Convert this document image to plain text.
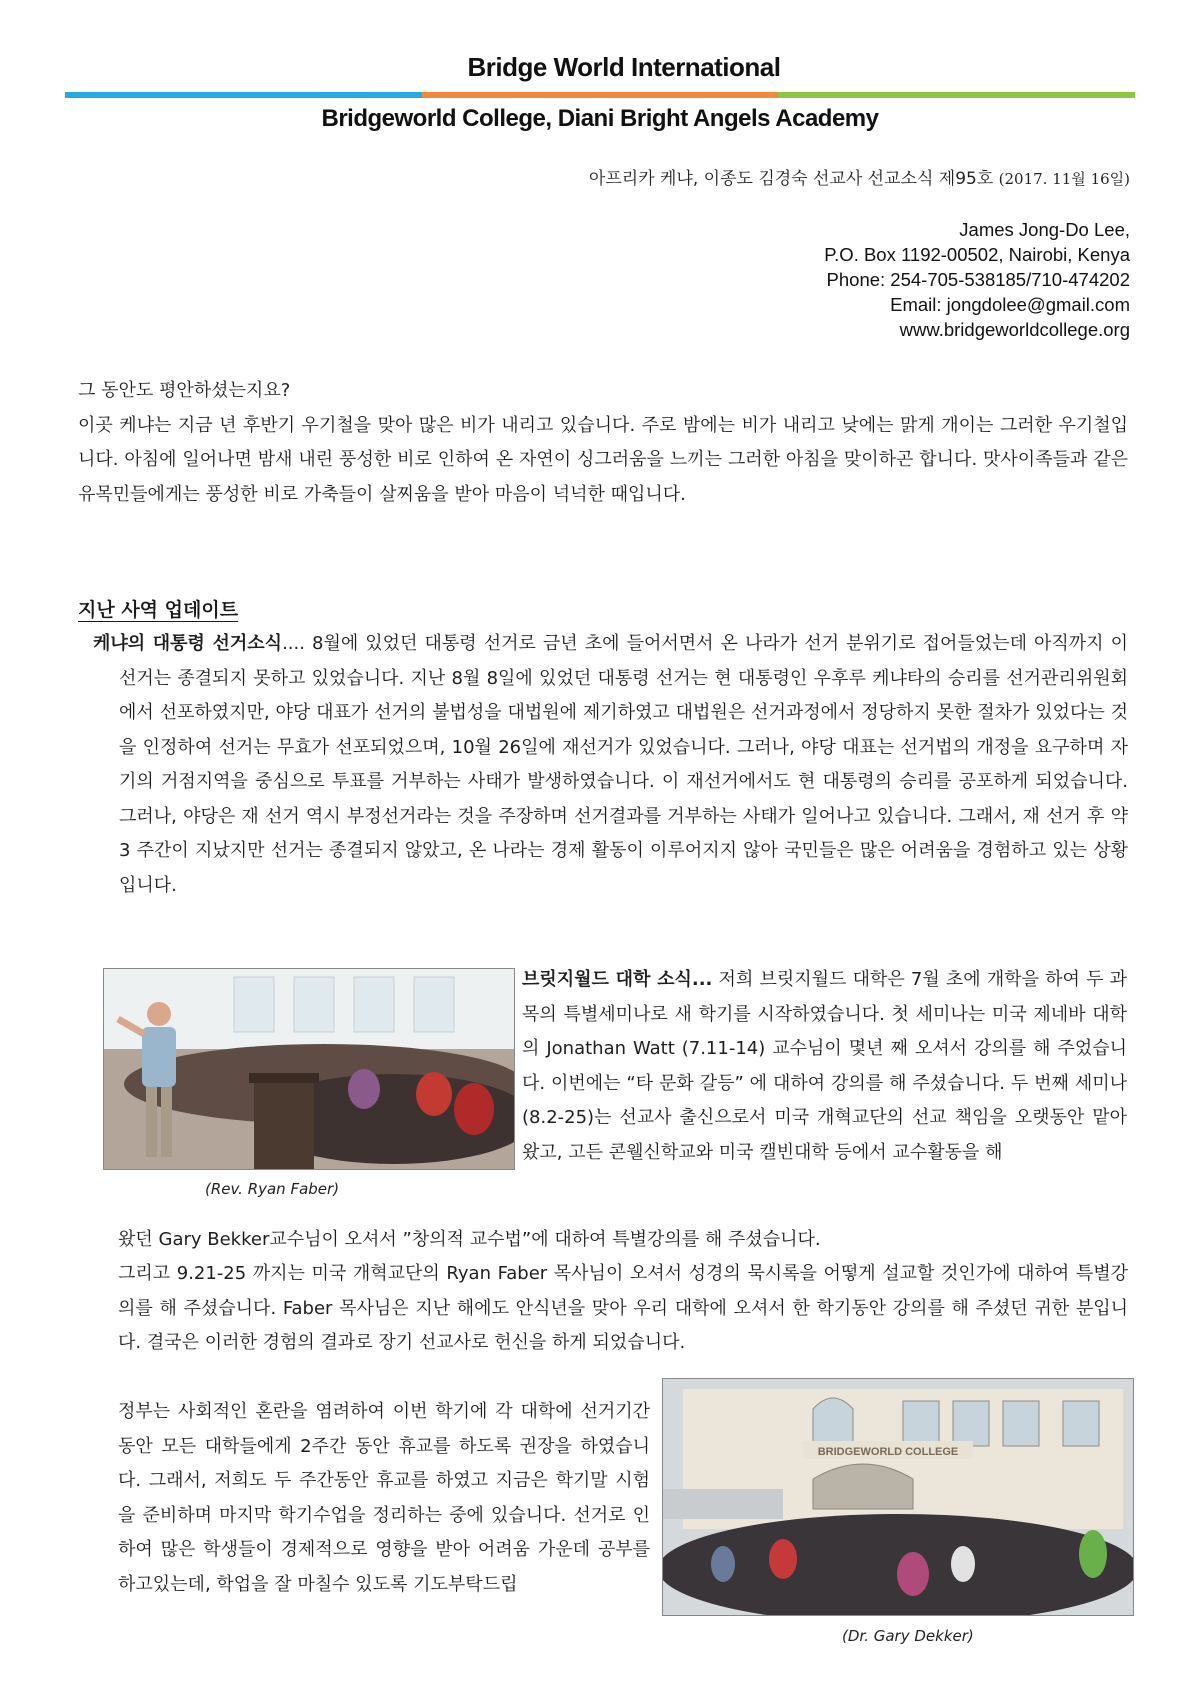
Bridge World International
Bridgeworld College, Diani Bright Angels Academy
아프리카 케냐, 이종도 김경숙 선교사 선교소식 제95호 (2017. 11월 16일)
James Jong-Do Lee,
P.O. Box 1192-00502, Nairobi, Kenya
Phone: 254-705-538185/710-474202
Email: jongdolee@gmail.com
www.bridgeworldcollege.org

그 동안도 평안하셨는지요?

이곳 케냐는 지금 년 후반기 우기철을 맞아 많은 비가 내리고 있습니다. 주로 밤에는 비가 내리고 낮에는 맑게 개이는 그러한 우기철입니다. 아침에 일어나면 밤새 내린 풍성한 비로 인하여 온 자연이 싱그러움을 느끼는 그러한 아침을 맞이하곤 합니다. 맛사이족들과 같은 유목민들에게는 풍성한 비로 가축들이 살찌움을 받아 마음이 넉넉한 때입니다.

지난 사역 업데이트

케냐의 대통령 선거소식.... 8월에 있었던 대통령 선거로 금년 초에 들어서면서 온 나라가 선거 분위기로 접어들었는데 아직까지 이 선거는 종결되지 못하고 있었습니다. 지난 8월 8일에 있었던 대통령 선거는 현 대통령인 우후루 케냐타의 승리를 선거관리위원회에서 선포하였지만, 야당 대표가 선거의 불법성을 대법원에 제기하였고 대법원은 선거과정에서 정당하지 못한 절차가 있었다는 것을 인정하여 선거는 무효가 선포되었으며, 10월 26일에 재선거가 있었습니다. 그러나, 야당 대표는 선거법의 개정을 요구하며 자기의 거점지역을 중심으로 투표를 거부하는 사태가 발생하였습니다. 이 재선거에서도 현 대통령의 승리를 공포하게 되었습니다. 그러나, 야당은 재 선거 역시 부정선거라는 것을 주장하며 선거결과를 거부하는 사태가 일어나고 있습니다. 그래서, 재 선거 후 약 3 주간이 지났지만 선거는 종결되지 않았고, 온 나라는 경제 활동이 이루어지지 않아 국민들은 많은 어려움을 경험하고 있는 상황입니다.

(Rev. Ryan Faber)

브릿지월드 대학 소식... 저희 브릿지월드 대학은 7월 초에 개학을 하여 두 과목의 특별세미나로 새 학기를 시작하였습니다. 첫 세미나는 미국 제네바 대학의 Jonathan Watt (7.11-14) 교수님이 몇년 째 오셔서 강의를 해 주었습니다. 이번에는 “타 문화 갈등” 에 대하여 강의를 해 주셨습니다. 두 번째 세미나 (8.2-25)는 선교사 출신으로서 미국 개혁교단의 선교 책임을 오랫동안 맡아 왔고, 고든 콘웰신학교와 미국 캘빈대학 등에서 교수활동을 해

왔던 Gary Bekker교수님이 오셔서 ”창의적 교수법”에 대하여 특별강의를 해 주셨습니다.

그리고 9.21-25 까지는 미국 개혁교단의 Ryan Faber 목사님이 오셔서 성경의 묵시록을 어떻게 설교할 것인가에 대하여 특별강의를 해 주셨습니다. Faber 목사님은 지난 해에도 안식년을 맞아 우리 대학에 오셔서 한 학기동안 강의를 해 주셨던 귀한 분입니다. 결국은 이러한 경험의 결과로 장기 선교사로 헌신을 하게 되었습니다.

정부는 사회적인 혼란을 염려하여 이번 학기에 각 대학에 선거기간동안 모든 대학들에게 2주간 동안 휴교를 하도록 권장을 하였습니다. 그래서, 저희도 두 주간동안 휴교를 하였고 지금은 학기말 시험을 준비하며 마지막 학기수업을 정리하는 중에 있습니다. 선거로 인하여 많은 학생들이 경제적으로 영향을 받아 어려움 가운데 공부를 하고있는데, 학업을 잘 마칠수 있도록 기도부탁드립

BRIDGEWORLD COLLEGE
(Dr. Gary Dekker)
